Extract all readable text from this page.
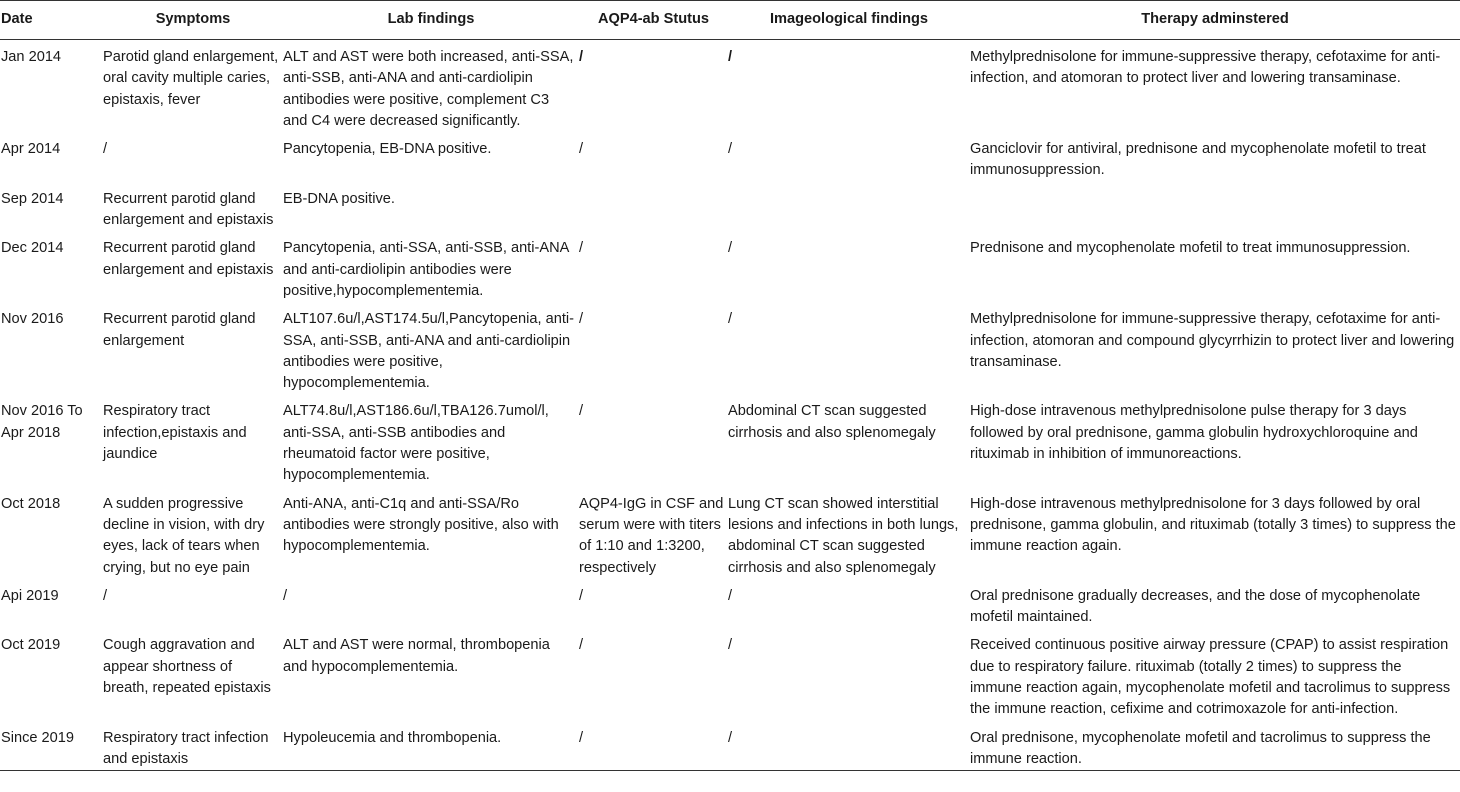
Date	Symptoms	Lab findings	AQP4-ab Stutus	Imageological findings	Therapy adminstered
Jan 2014	Parotid gland enlargement, oral cavity multiple caries, epistaxis, fever	ALT and AST were both increased, anti-SSA, anti-SSB, anti-ANA and anti-cardiolipin antibodies were positive, complement C3 and C4 were decreased significantly.	/	/	Methylprednisolone for immune-suppressive therapy, cefotaxime for anti-infection, and atomoran to protect liver and lowering transaminase.
Apr 2014	/	Pancytopenia, EB-DNA positive.	/	/	Ganciclovir for antiviral, prednisone and mycophenolate mofetil to treat immunosuppression.
Sep 2014	Recurrent parotid gland enlargement and epistaxis	EB-DNA positive.			
Dec 2014	Recurrent parotid gland enlargement and epistaxis	Pancytopenia, anti-SSA, anti-SSB, anti-ANA and anti-cardiolipin antibodies were positive,hypocomplementemia.	/	/	Prednisone and mycophenolate mofetil to treat immunosuppression.
Nov 2016	Recurrent parotid gland enlargement	ALT107.6u/l,AST174.5u/l,Pancytopenia, anti-SSA, anti-SSB, anti-ANA and anti-cardiolipin antibodies were positive, hypocomplementemia.	/	/	Methylprednisolone for immune-suppressive therapy, cefotaxime for anti-infection, atomoran and compound glycyrrhizin to protect liver and lowering transaminase.
Nov 2016 To Apr 2018	Respiratory tract infection,epistaxis and jaundice	ALT74.8u/l,AST186.6u/l,TBA126.7umol/l, anti-SSA, anti-SSB antibodies and rheumatoid factor were positive, hypocomplementemia.	/	Abdominal CT scan suggested cirrhosis and also splenomegaly	High-dose intravenous methylprednisolone pulse therapy for 3 days followed by oral prednisone, gamma globulin hydroxychloroquine and rituximab in inhibition of immunoreactions.
Oct 2018	A sudden progressive decline in vision, with dry eyes, lack of tears when crying, but no eye pain	Anti-ANA, anti-C1q and anti-SSA/Ro antibodies were strongly positive, also with hypocomplementemia.	AQP4-IgG in CSF and serum were with titers of 1:10 and 1:3200, respectively	Lung CT scan showed interstitial lesions and infections in both lungs, abdominal CT scan suggested cirrhosis and also splenomegaly	High-dose intravenous methylprednisolone for 3 days followed by oral prednisone, gamma globulin, and rituximab (totally 3 times) to suppress the immune reaction again.
Api 2019	/	/	/	/	Oral prednisone gradually decreases, and the dose of mycophenolate mofetil maintained.
Oct 2019	Cough aggravation and appear shortness of breath, repeated epistaxis	ALT and AST were normal, thrombopenia and hypocomplementemia.	/	/	Received continuous positive airway pressure (CPAP) to assist respiration due to respiratory failure. rituximab (totally 2 times) to suppress the immune reaction again, mycophenolate mofetil and tacrolimus to suppress the immune reaction, cefixime and cotrimoxazole for anti-infection.
Since 2019	Respiratory tract infection and epistaxis	Hypoleucemia and thrombopenia.	/	/	Oral prednisone, mycophenolate mofetil and tacrolimus to suppress the immune reaction.
